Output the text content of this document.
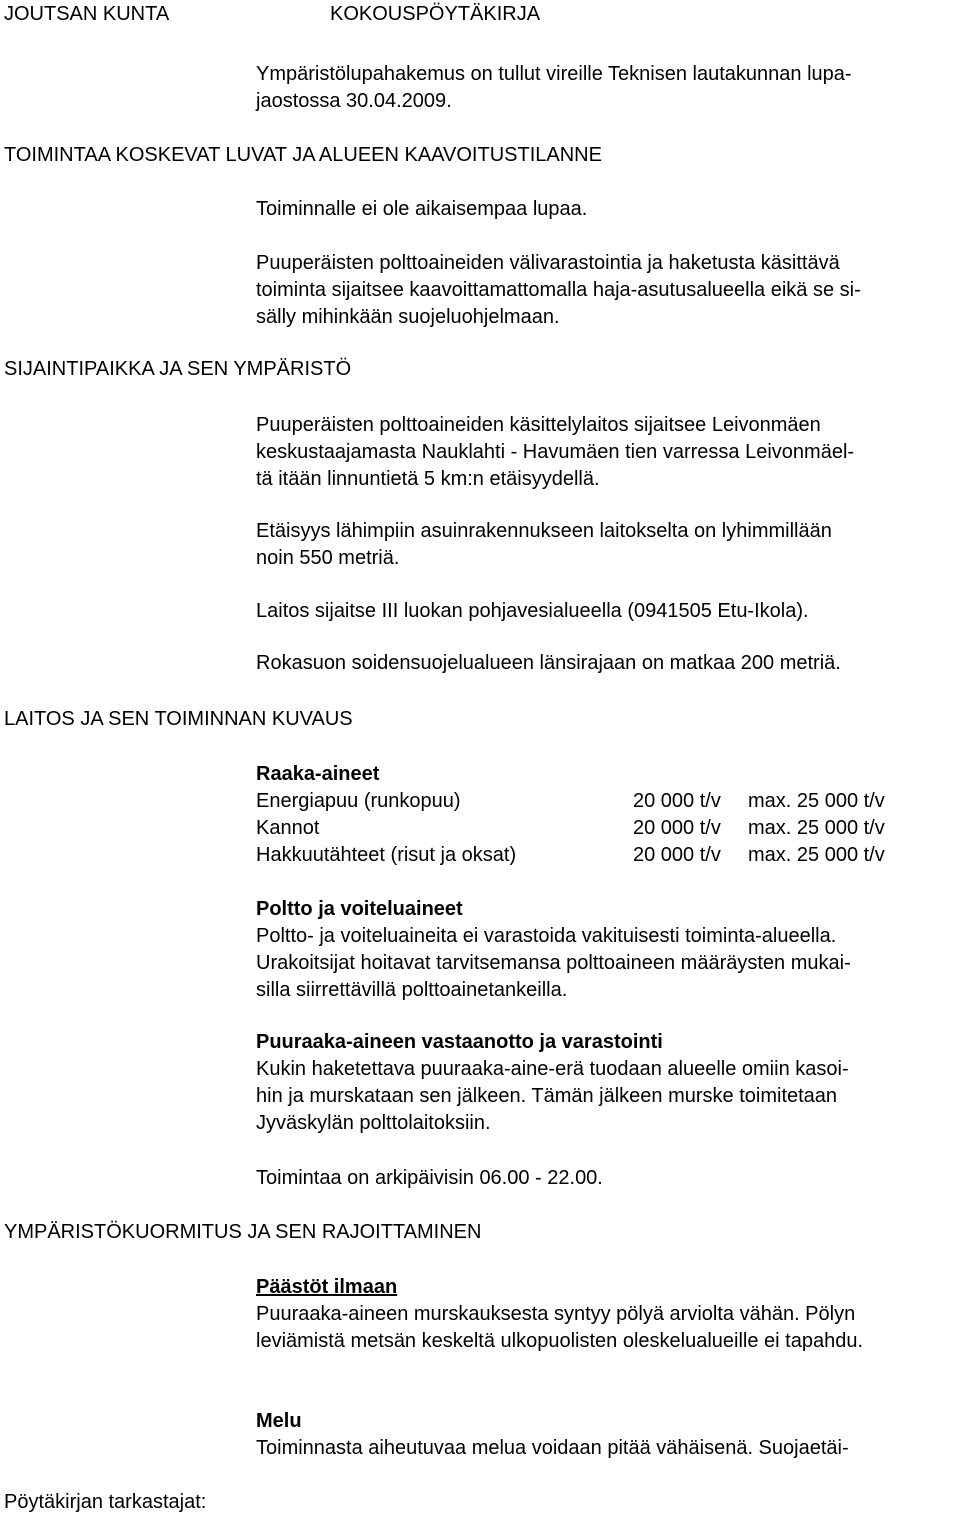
JOUTSAN KUNTA	KOKOUSPÖYTÄKIRJA
Ympäristölupahakemus on tullut vireille Teknisen lautakunnan lupa-
jaostossa 30.04.2009.
TOIMINTAA KOSKEVAT LUVAT JA ALUEEN KAAVOITUSTILANNE
Toiminnalle ei ole aikaisempaa lupaa.
Puuperäisten polttoaineiden välivarastointia ja haketusta käsittävä
toiminta sijaitsee kaavoittamattomalla haja-asutusalueella eikä se si-
sälly mihinkään suojeluohjelmaan.
SIJAINTIPAIKKA JA SEN YMPÄRISTÖ
Puuperäisten polttoaineiden käsittelylaitos sijaitsee Leivonmäen
keskustaajamasta Nauklahti - Havumäen tien varressa Leivonmäel-
tä itään linnuntietä 5 km:n etäisyydellä.
Etäisyys lähimpiin asuinrakennukseen laitokselta on lyhimmillään
noin 550 metriä.
Laitos sijaitse III luokan pohjavesialueella (0941505 Etu-Ikola).
Rokasuon soidensuojelualueen länsirajaan on matkaa 200 metriä.
LAITOS JA SEN TOIMINNAN KUVAUS
Raaka-aineet
Energiapuu (runkopuu)	20 000 t/v max. 25 000 t/v
Kannot	20 000 t/v max. 25 000 t/v
Hakkuutähteet (risut ja oksat)	20 000 t/v max. 25 000 t/v
Poltto ja voiteluaineet
Poltto- ja voiteluaineita ei varastoida vakituisesti toiminta-alueella.
Urakoitsijat hoitavat tarvitsemansa polttoaineen määräysten mukai-
silla siirrettävillä polttoainetankeilla.
Puuraaka-aineen vastaanotto ja varastointi
Kukin haketettava puuraaka-aine-erä tuodaan alueelle omiin kasoi-
hin ja murskataan sen jälkeen. Tämän jälkeen murske toimitetaan
Jyväskylän polttolaitoksiin.
Toimintaa on arkipäivisin 06.00 - 22.00.
YMPÄRISTÖKUORMITUS JA SEN RAJOITTAMINEN
Päästöt ilmaan
Puuraaka-aineen murskauksesta syntyy pölyä arviolta vähän. Pölyn
leviämistä metsän keskeltä ulkopuolisten oleskelualueille ei tapahdu.
Melu
Toiminnasta aiheutuvaa melua voidaan pitää vähäisenä. Suojaetäi-
Pöytäkirjan tarkastajat:
